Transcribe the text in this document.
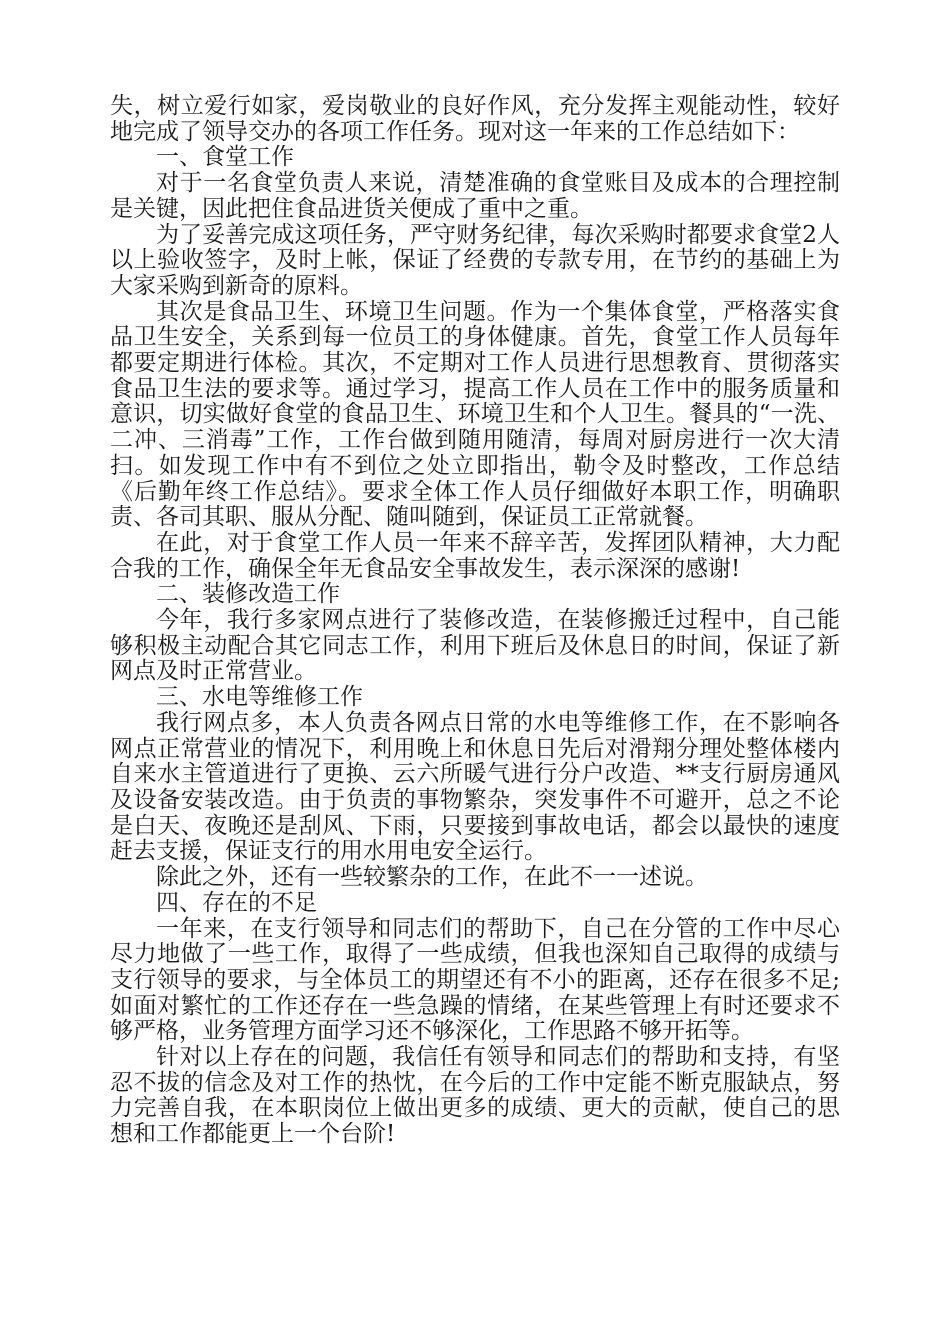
失，树立爱行如家，爱岗敬业的良好作风，充分发挥主观能动性，较好地完成了领导交办的各项工作任务。现对这一年来的工作总结如下：

一、食堂工作

对于一名食堂负责人来说，清楚准确的食堂账目及成本的合理控制是关键，因此把住食品进货关便成了重中之重。

为了妥善完成这项任务，严守财务纪律，每次采购时都要求食堂2人以上验收签字，及时上帐，保证了经费的专款专用，在节约的基础上为大家采购到新奇的原料。

其次是食品卫生、环境卫生问题。作为一个集体食堂，严格落实食品卫生安全，关系到每一位员工的身体健康。首先，食堂工作人员每年都要定期进行体检。其次，不定期对工作人员进行思想教育、贯彻落实食品卫生法的要求等。通过学习，提高工作人员在工作中的服务质量和意识，切实做好食堂的食品卫生、环境卫生和个人卫生。餐具的“一洗、二冲、三消毒”工作，工作台做到随用随清，每周对厨房进行一次大清扫。如发现工作中有不到位之处立即指出，勒令及时整改，工作总结《后勤年终工作总结》。要求全体工作人员仔细做好本职工作，明确职责、各司其职、服从分配、随叫随到，保证员工正常就餐。

在此，对于食堂工作人员一年来不辞辛苦，发挥团队精神，大力配合我的工作，确保全年无食品安全事故发生，表示深深的感谢!

二、装修改造工作

今年，我行多家网点进行了装修改造，在装修搬迁过程中，自己能够积极主动配合其它同志工作，利用下班后及休息日的时间，保证了新网点及时正常营业。

三、水电等维修工作

我行网点多，本人负责各网点日常的水电等维修工作，在不影响各网点正常营业的情况下，利用晚上和休息日先后对滑翔分理处整体楼内自来水主管道进行了更换、云六所暖气进行分户改造、**支行厨房通风及设备安装改造。由于负责的事物繁杂，突发事件不可避开，总之不论是白天、夜晚还是刮风、下雨，只要接到事故电话，都会以最快的速度赶去支援，保证支行的用水用电安全运行。

除此之外，还有一些较繁杂的工作，在此不一一述说。

四、存在的不足

一年来，在支行领导和同志们的帮助下，自己在分管的工作中尽心尽力地做了一些工作，取得了一些成绩，但我也深知自己取得的成绩与支行领导的要求，与全体员工的期望还有不小的距离，还存在很多不足;如面对繁忙的工作还存在一些急躁的情绪，在某些管理上有时还要求不够严格，业务管理方面学习还不够深化，工作思路不够开拓等。

针对以上存在的问题，我信任有领导和同志们的帮助和支持，有坚忍不拔的信念及对工作的热忱，在今后的工作中定能不断克服缺点，努力完善自我，在本职岗位上做出更多的成绩、更大的贡献，使自己的思想和工作都能更上一个台阶!
